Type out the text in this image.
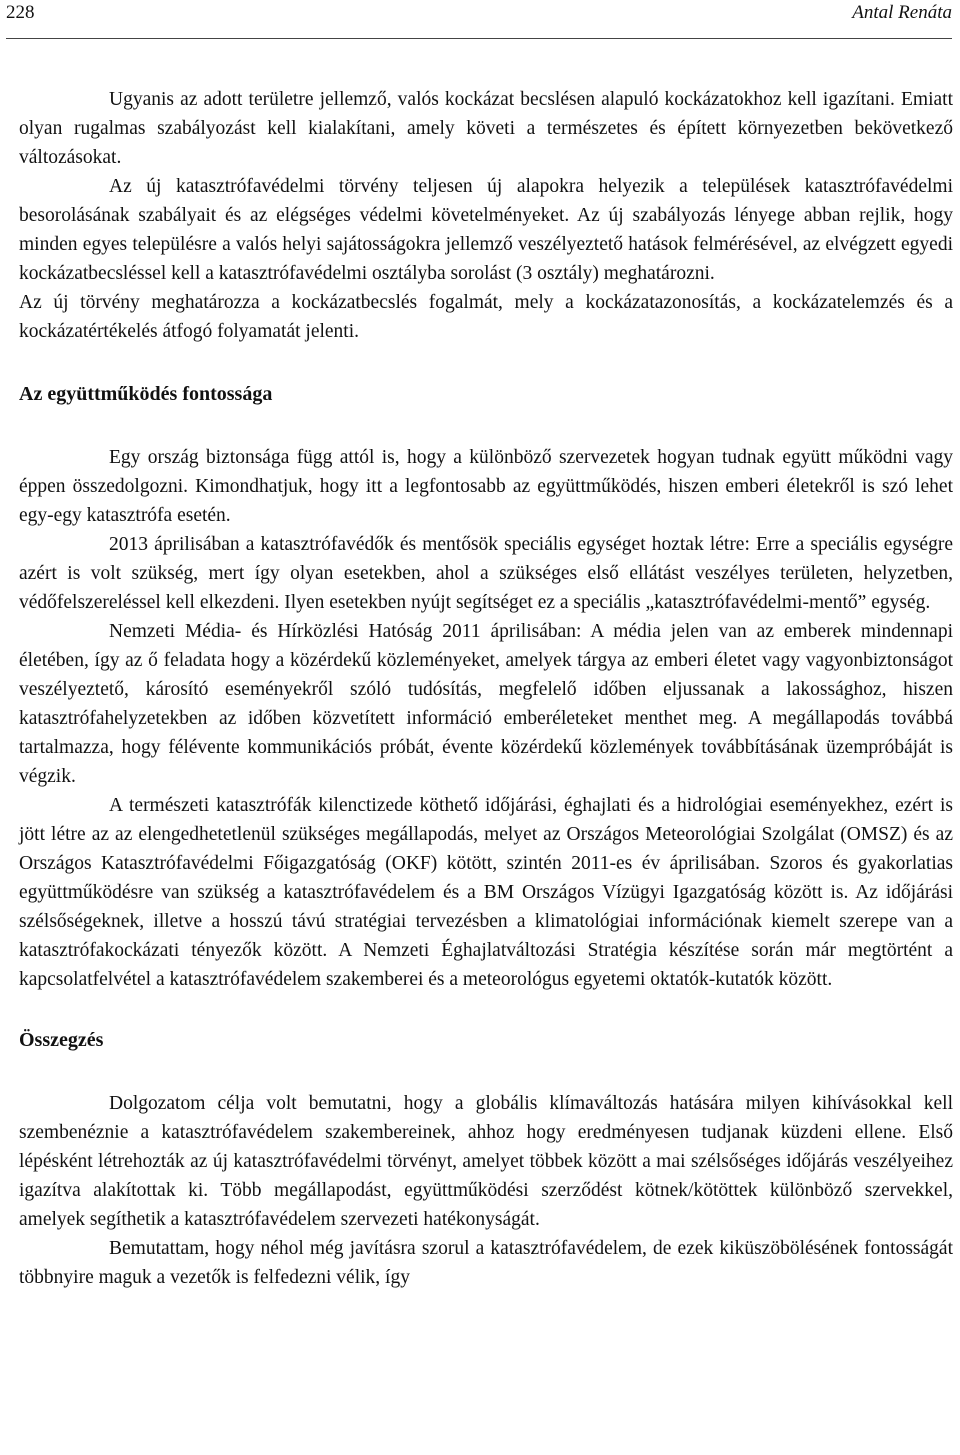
228	Antal Renáta

Ugyanis az adott területre jellemző, valós kockázat becslésen alapuló kockázatokhoz kell igazítani. Emiatt olyan rugalmas szabályozást kell kialakítani, amely követi a természetes és épített környezetben bekövetkező változásokat.

Az új katasztrófavédelmi törvény teljesen új alapokra helyezik a települések katasztrófavédelmi besorolásának szabályait és az elégséges védelmi követelményeket. Az új szabályozás lényege abban rejlik, hogy minden egyes településre a valós helyi sajátosságokra jellemző veszélyeztető hatások felmérésével, az elvégzett egyedi kockázatbecsléssel kell a katasztrófavédelmi osztályba sorolást (3 osztály) meghatározni.

Az új törvény meghatározza a kockázatbecslés fogalmát, mely a kockázatazonosítás, a kockázatelemzés és a kockázatértékelés átfogó folyamatát jelenti.

Az együttműködés fontossága

Egy ország biztonsága függ attól is, hogy a különböző szervezetek hogyan tudnak együtt működni vagy éppen összedolgozni. Kimondhatjuk, hogy itt a legfontosabb az együttműködés, hiszen emberi életekről is szó lehet egy-egy katasztrófa esetén.

2013 áprilisában a katasztrófavédők és mentősök speciális egységet hoztak létre: Erre a speciális egységre azért is volt szükség, mert így olyan esetekben, ahol a szükséges első ellátást veszélyes területen, helyzetben, védőfelszereléssel kell elkezdeni. Ilyen esetekben nyújt segítséget ez a speciális „katasztrófavédelmi-mentő” egység.

Nemzeti Média- és Hírközlési Hatóság 2011 áprilisában: A média jelen van az emberek mindennapi életében, így az ő feladata hogy a közérdekű közleményeket, amelyek tárgya az emberi életet vagy vagyonbiztonságot veszélyeztető, károsító eseményekről szóló tudósítás, megfelelő időben eljussanak a lakossághoz, hiszen katasztrófahelyzetekben az időben közvetített információ emberéleteket menthet meg. A megállapodás továbbá tartalmazza, hogy félévente kommunikációs próbát, évente közérdekű közlemények továbbításának üzempróbáját is végzik.

A természeti katasztrófák kilenctizede köthető időjárási, éghajlati és a hidrológiai eseményekhez, ezért is jött létre az az elengedhetetlenül szükséges megállapodás, melyet az Országos Meteorológiai Szolgálat (OMSZ) és az Országos Katasztrófavédelmi Főigazgatóság (OKF) kötött, szintén 2011-es év áprilisában. Szoros és gyakorlatias együttműködésre van szükség a katasztrófavédelem és a BM Országos Vízügyi Igazgatóság között is. Az időjárási szélsőségeknek, illetve a hosszú távú stratégiai tervezésben a klimatológiai információnak kiemelt szerepe van a katasztrófakockázati tényezők között. A Nemzeti Éghajlatváltozási Stratégia készítése során már megtörtént a kapcsolatfelvétel a katasztrófavédelem szakemberei és a meteorológus egyetemi oktatók-kutatók között.

Összegzés

Dolgozatom célja volt bemutatni, hogy a globális klímaváltozás hatására milyen kihívásokkal kell szembenéznie a katasztrófavédelem szakembereinek, ahhoz hogy eredményesen tudjanak küzdeni ellene. Első lépésként létrehozták az új katasztrófavédelmi törvényt, amelyet többek között a mai szélsőséges időjárás veszélyeihez igazítva alakítottak ki. Több megállapodást, együttműködési szerződést kötnek/kötöttek különböző szervekkel, amelyek segíthetik a katasztrófavédelem szervezeti hatékonyságát.

Bemutattam, hogy néhol még javításra szorul a katasztrófavédelem, de ezek kiküszöbölésének fontosságát többnyire maguk a vezetők is felfedezni vélik, így
